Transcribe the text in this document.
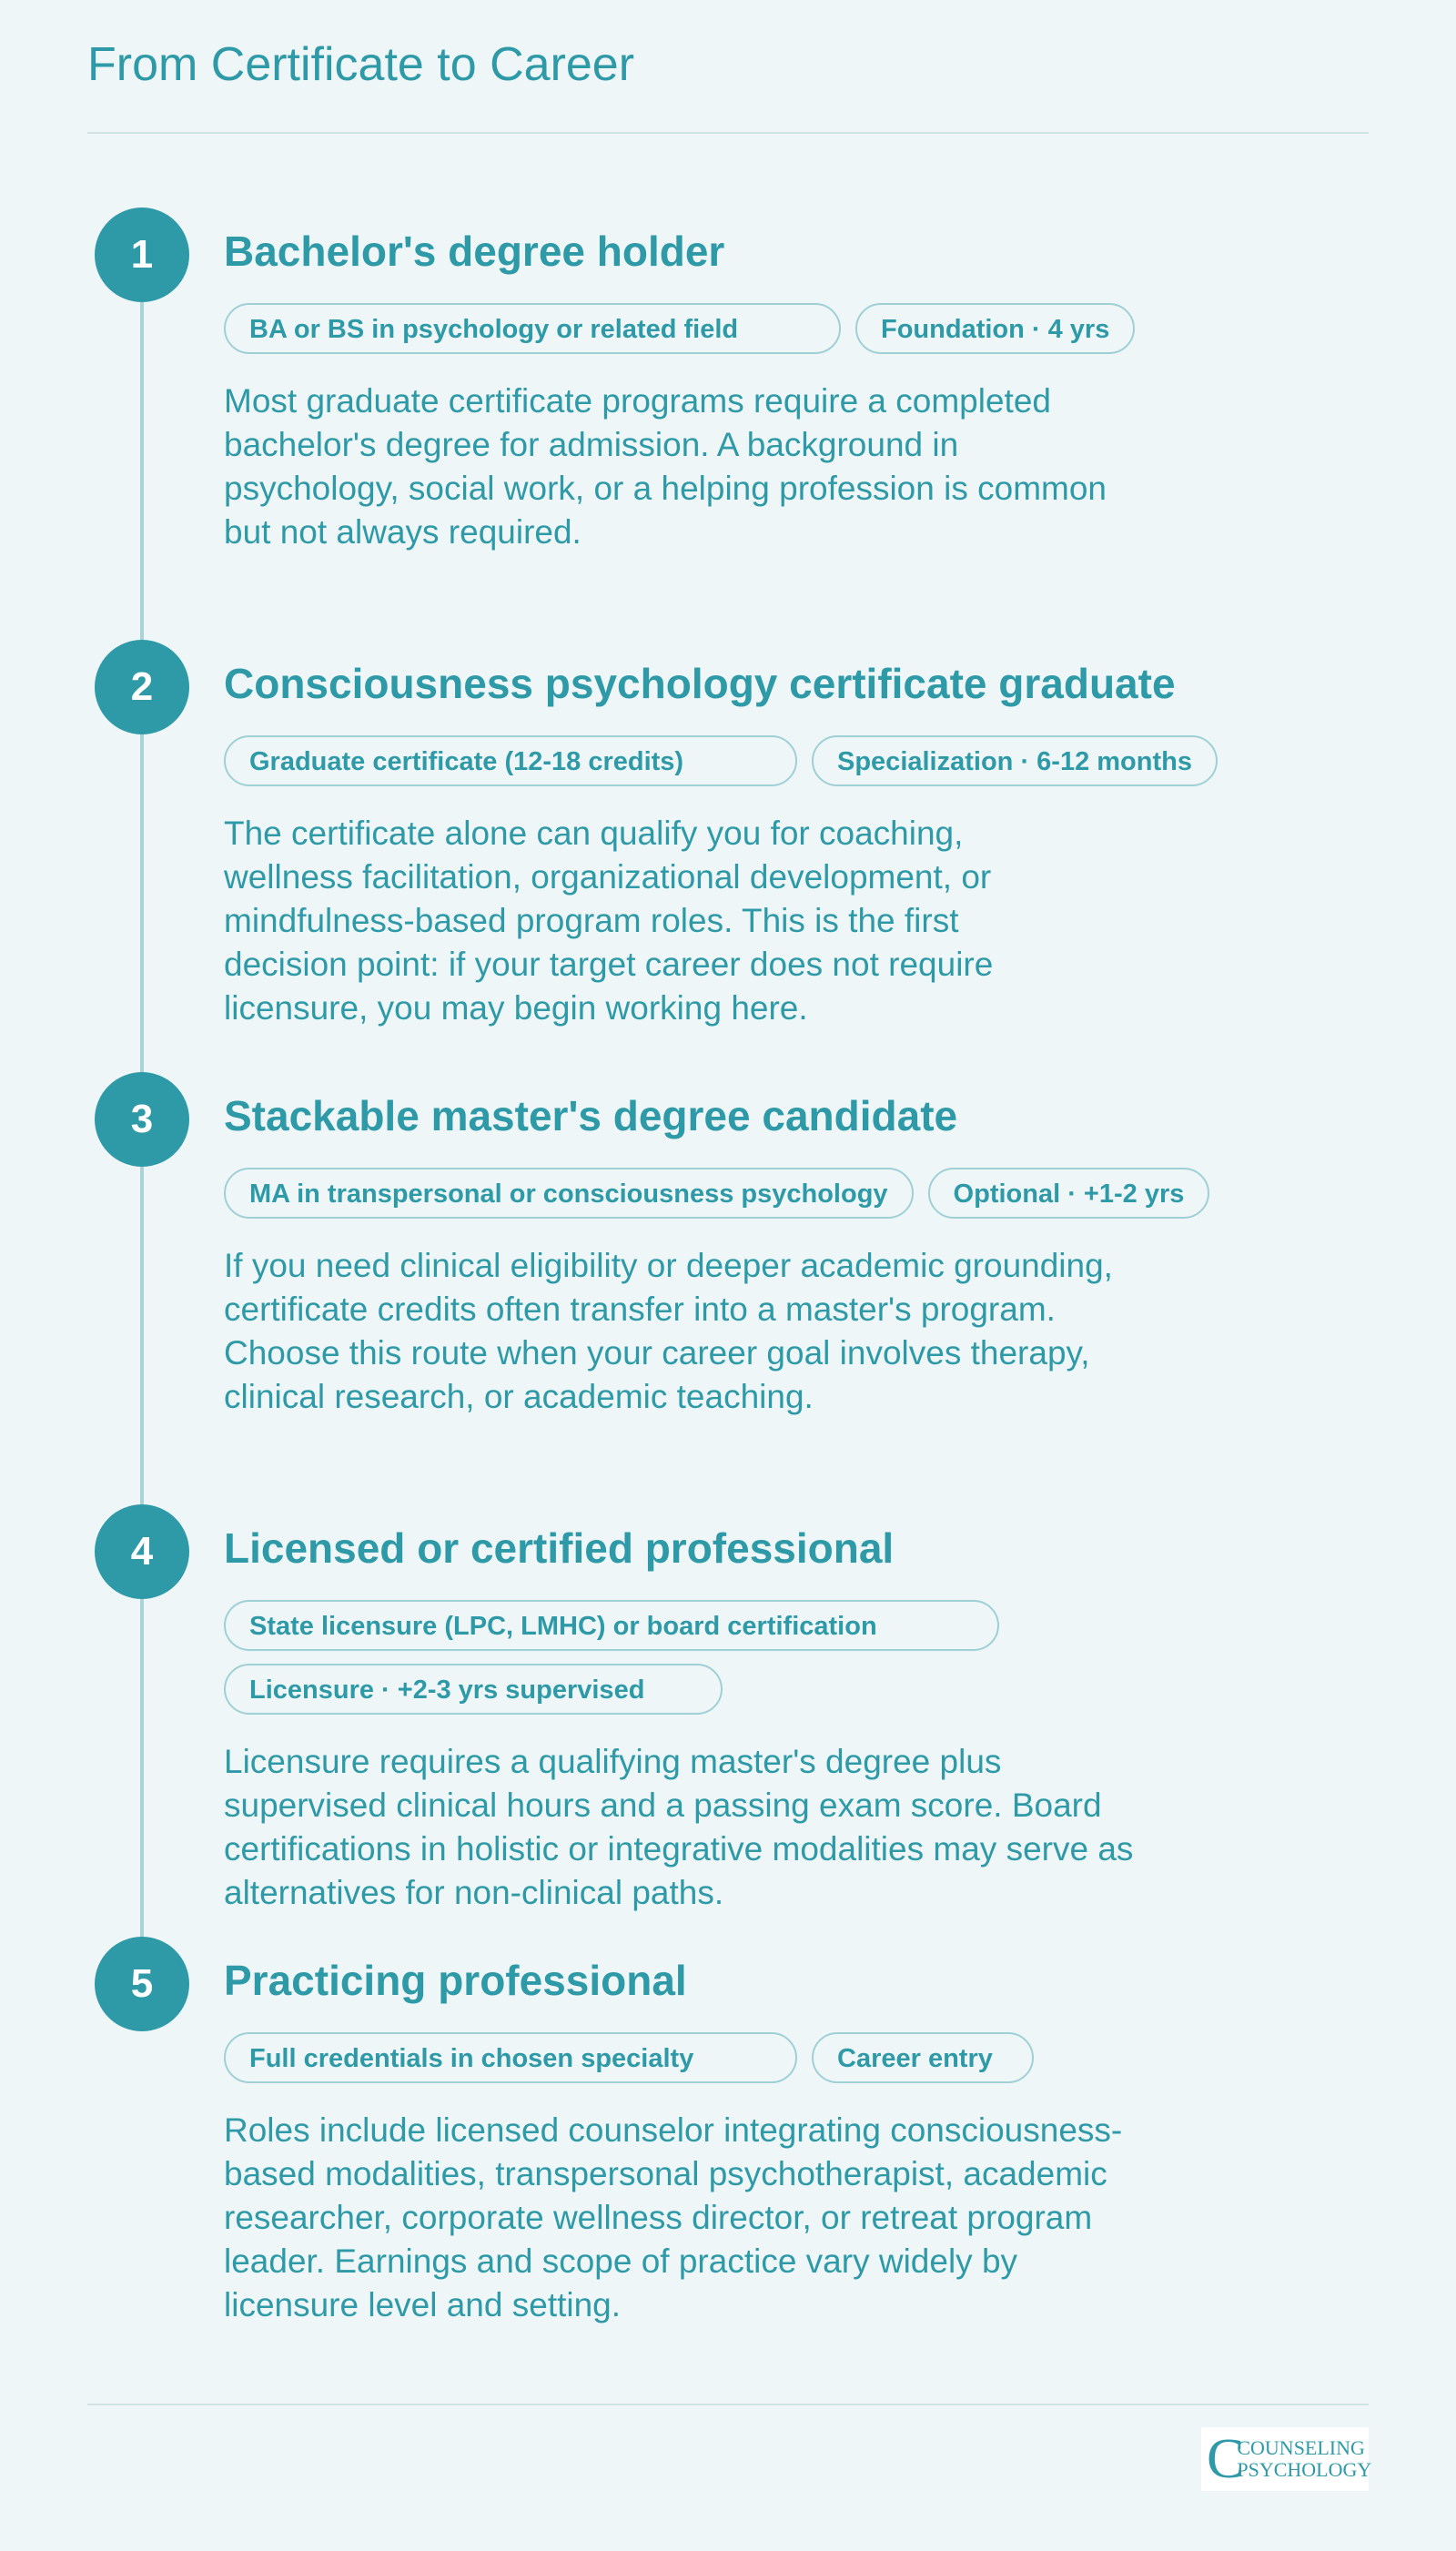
From Certificate to Career
1	Bachelor's degree holder
BA or BS in psychology or related field	Foundation · 4 yrs

Most graduate certificate programs require a completed bachelor's degree for admission. A background in psychology, social work, or a helping profession is common but not always required.

2	Consciousness psychology certificate graduate
Graduate certificate (12-18 credits)	Specialization · 6-12 months

The certificate alone can qualify you for coaching, wellness facilitation, organizational development, or mindfulness-based program roles. This is the first decision point: if your target career does not require licensure, you may begin working here.

3	Stackable master's degree candidate
MA in transpersonal or consciousness psychology	Optional · +1-2 yrs

If you need clinical eligibility or deeper academic grounding, certificate credits often transfer into a master's program. Choose this route when your career goal involves therapy, clinical research, or academic teaching.

4	Licensed or certified professional
State licensure (LPC, LMHC) or board certification
Licensure · +2-3 yrs supervised

Licensure requires a qualifying master's degree plus supervised clinical hours and a passing exam score. Board certifications in holistic or integrative modalities may serve as alternatives for non-clinical paths.

5	Practicing professional
Full credentials in chosen specialty	Career entry

Roles include licensed counselor integrating consciousness-based modalities, transpersonal psychotherapist, academic researcher, corporate wellness director, or retreat program leader. Earnings and scope of practice vary widely by licensure level and setting.

C
COUNSELING
PSYCHOLOGY
